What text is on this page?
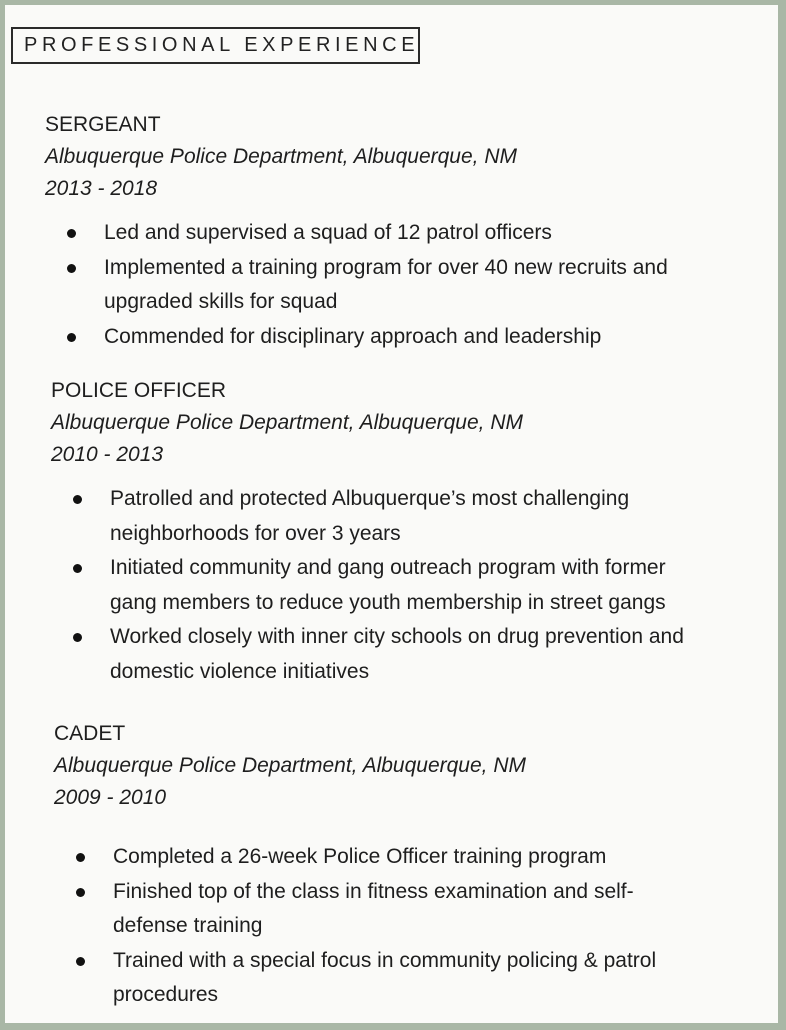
PROFESSIONAL EXPERIENCE

SERGEANT

Albuquerque Police Department, Albuquerque, NM

2013 - 2018

Led and supervised a squad of 12 patrol officers
Implemented a training program for over 40 new recruits and upgraded skills for squad
Commended for disciplinary approach and leadership

POLICE OFFICER

Albuquerque Police Department, Albuquerque, NM

2010 - 2013

Patrolled and protected Albuquerque’s most challenging neighborhoods for over 3 years
Initiated community and gang outreach program with former gang members to reduce youth membership in street gangs
Worked closely with inner city schools on drug prevention and domestic violence initiatives

CADET

Albuquerque Police Department, Albuquerque, NM

2009 - 2010

Completed a 26-week Police Officer training program
Finished top of the class in fitness examination and self-defense training
Trained with a special focus in community policing & patrol procedures
